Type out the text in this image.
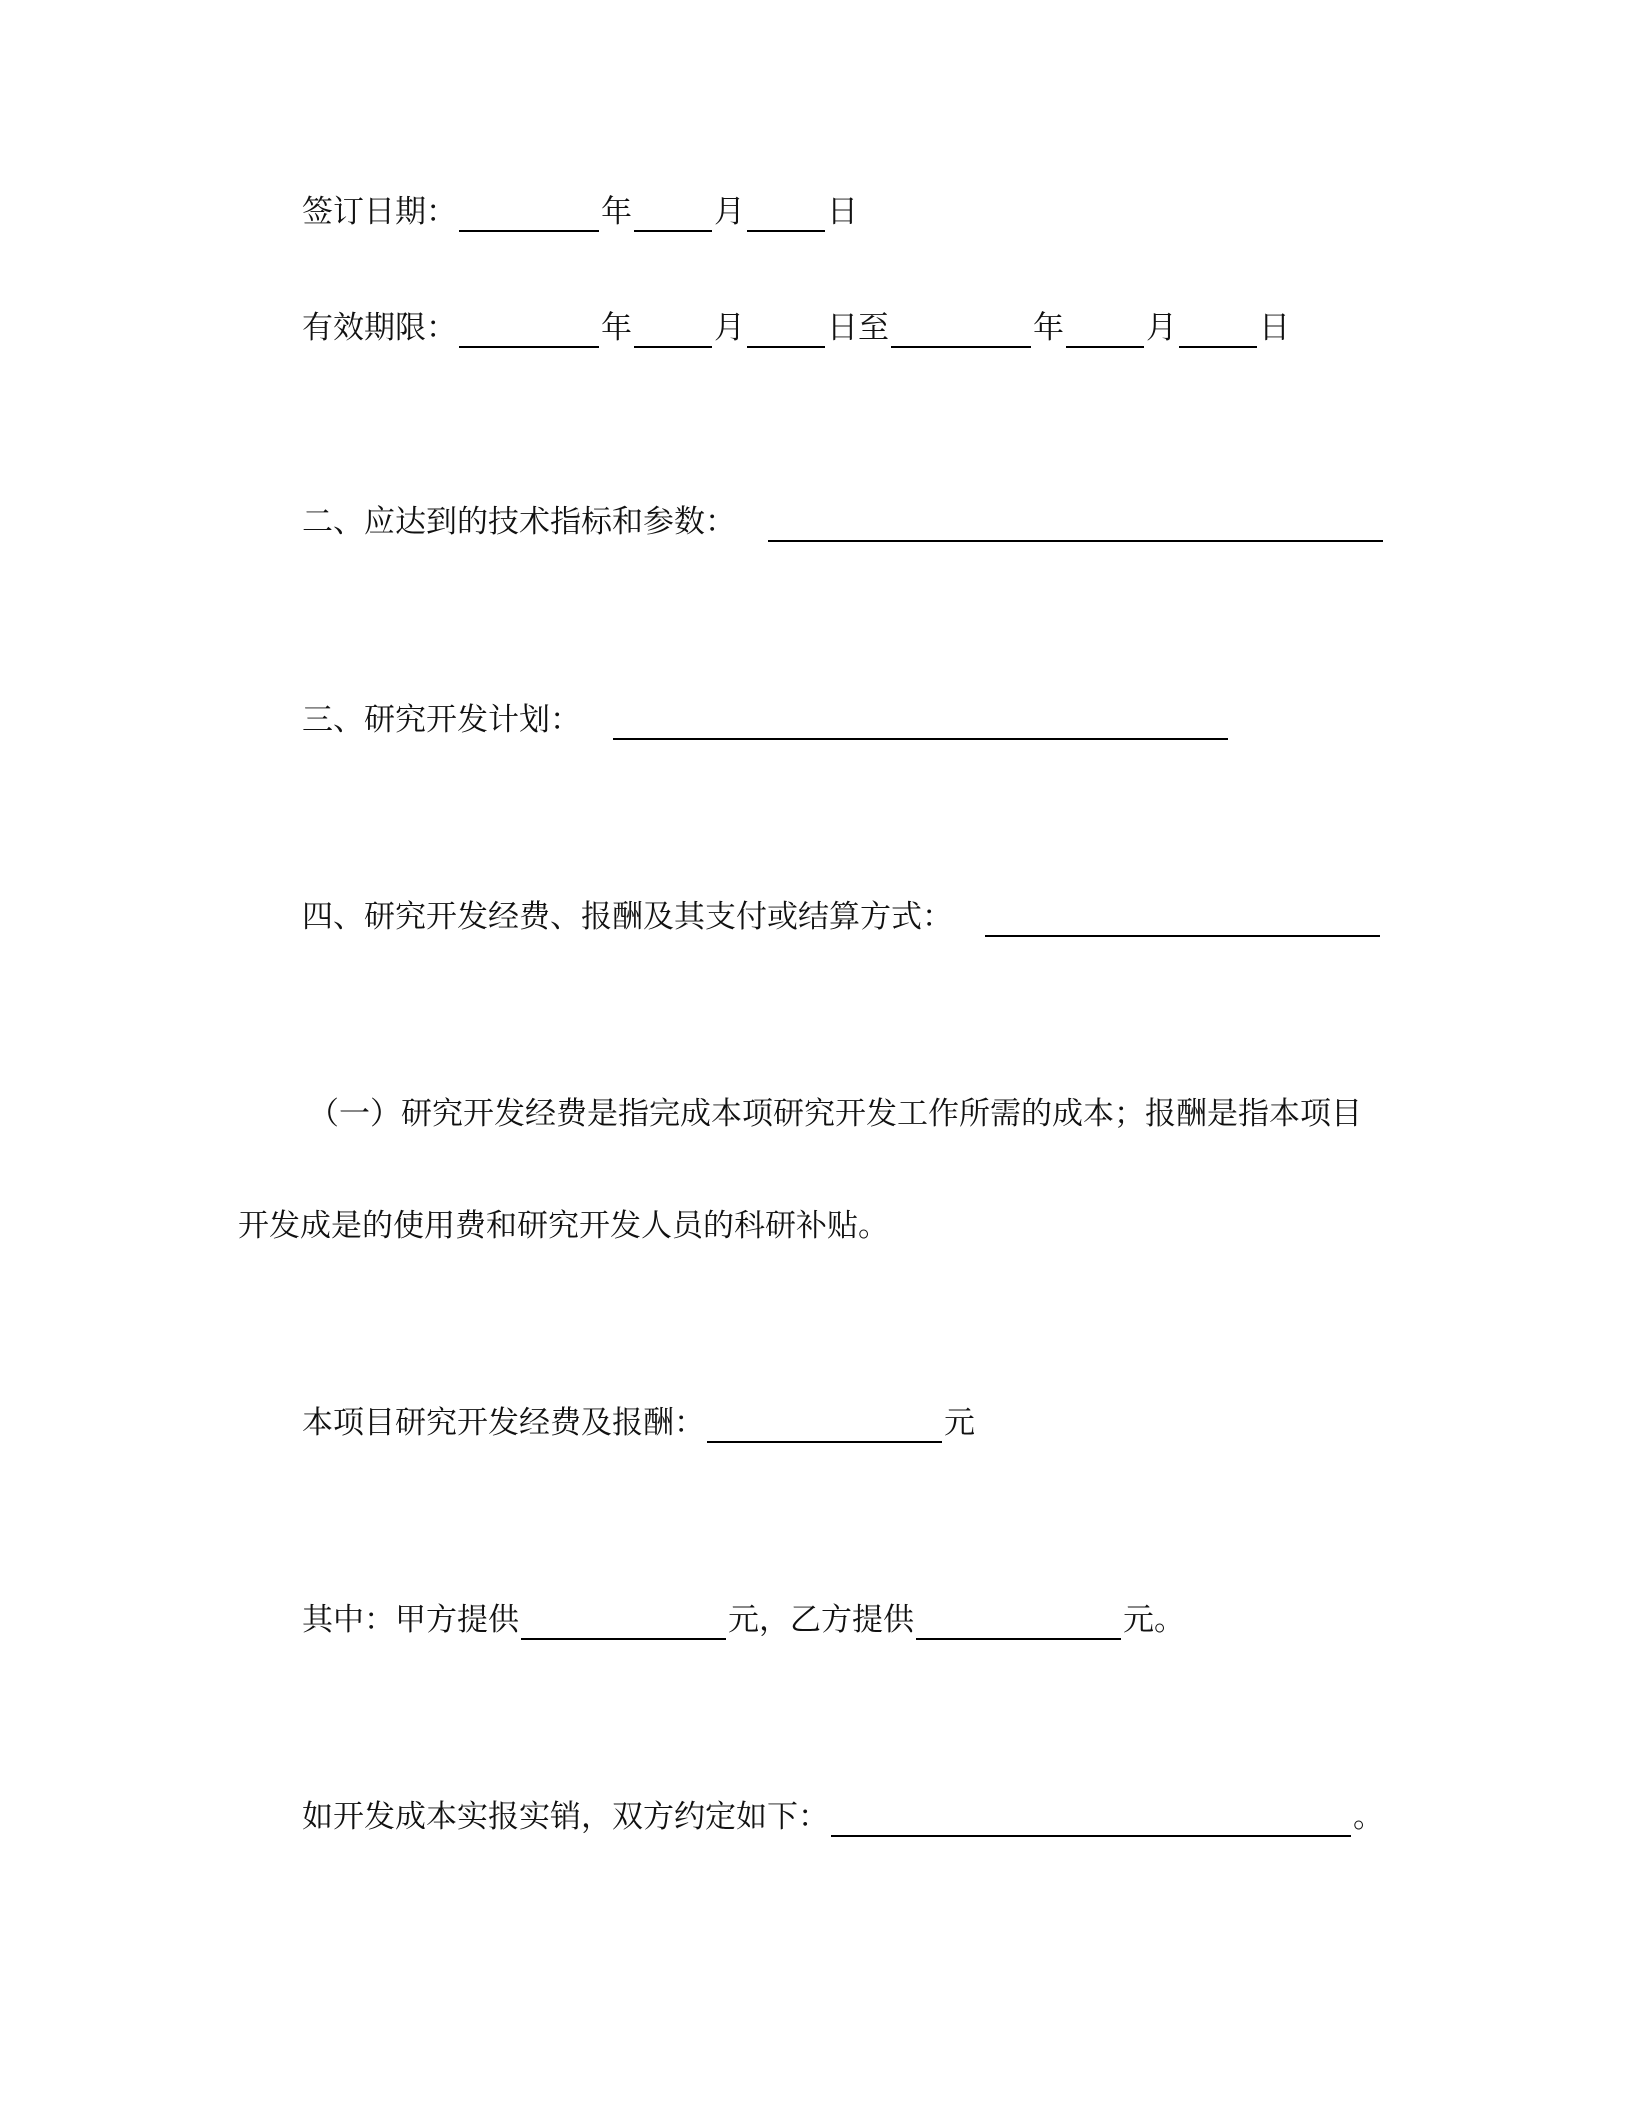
签订日期：	年	月	日
有效期限：	年	月	日至	年	月	日
二、应达到的技术指标和参数：
三、研究开发计划：
四、研究开发经费、报酬及其支付或结算方式：
（一）研究开发经费是指完成本项研究开发工作所需的成本；报酬是指本项目
开发成是的使用费和研究开发人员的科研补贴。
本项目研究开发经费及报酬：	元
其中：甲方提供	元，乙方提供	元。
如开发成本实报实销，双方约定如下：	。
